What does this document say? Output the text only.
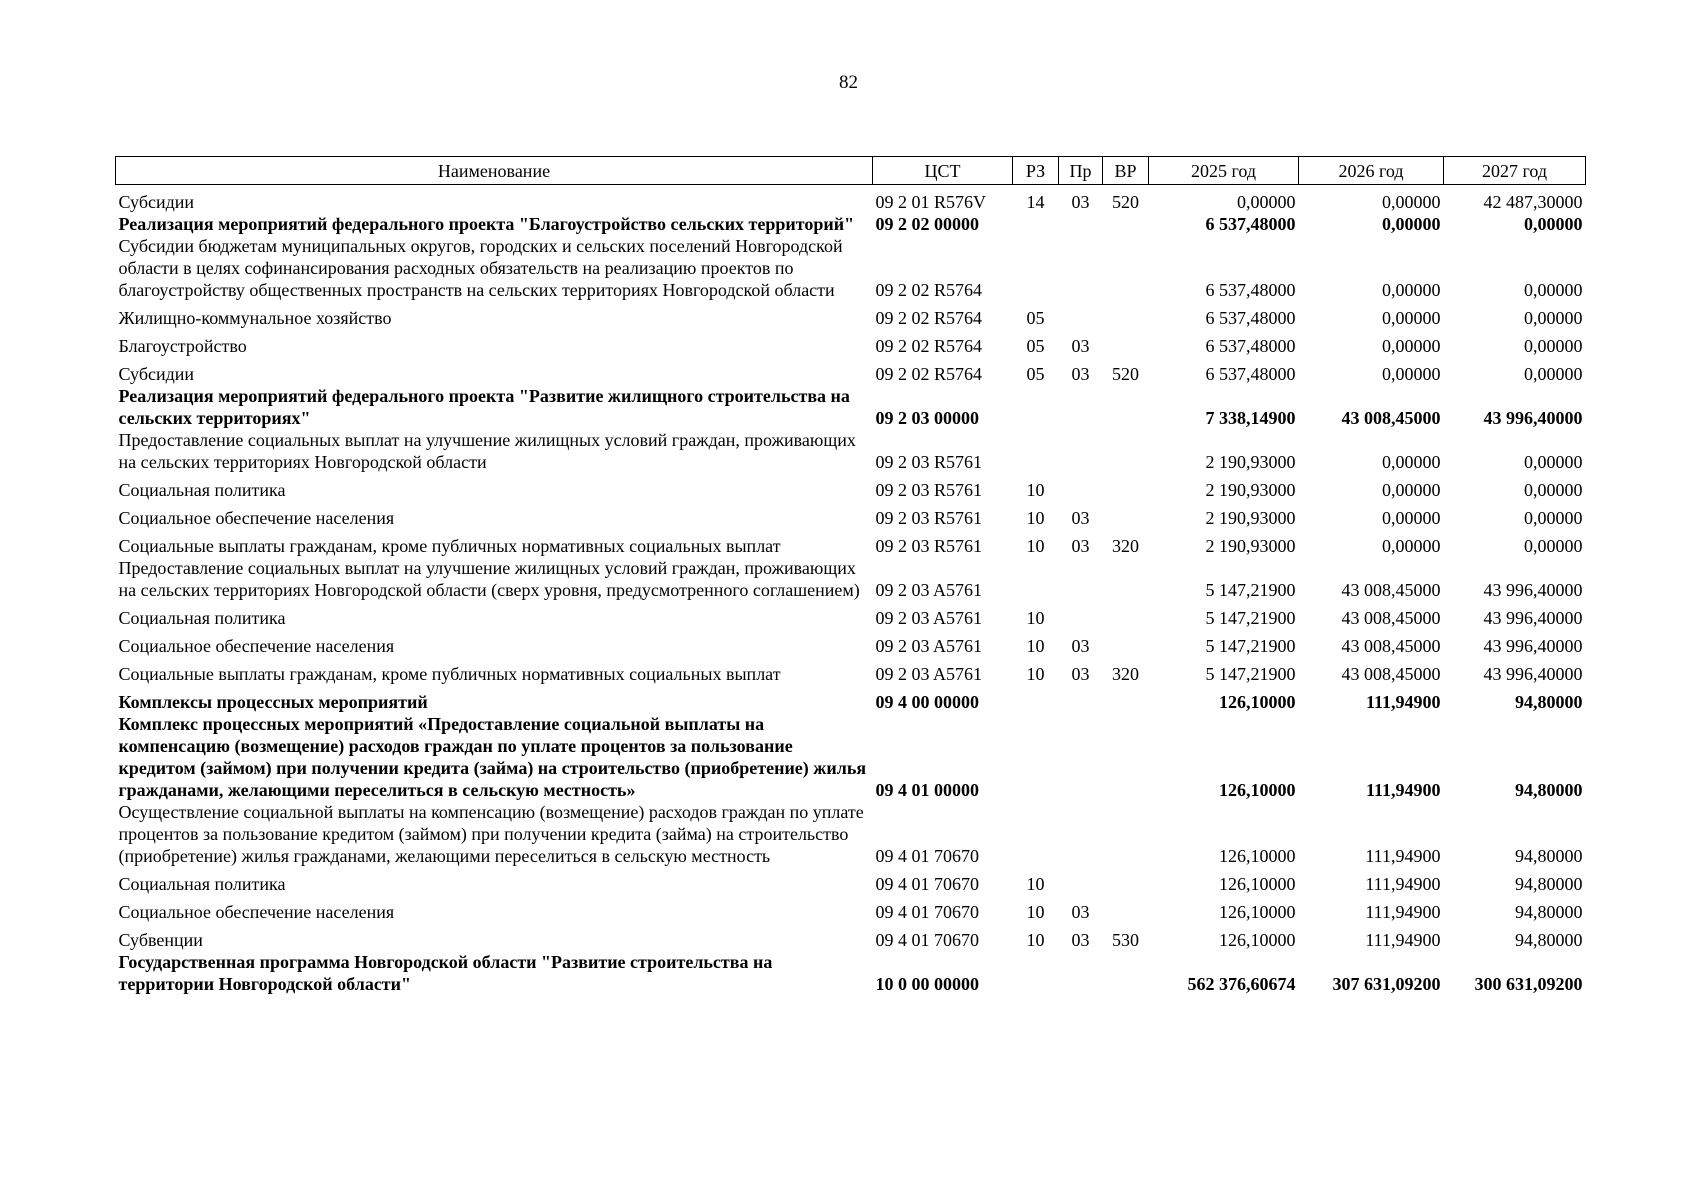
82
Наименование	ЦСТ	РЗ	Пр	ВР	2025 год	2026 год	2027 год
Субсидии	09 2 01 R576V	14	03	520	0,00000	0,00000	42 487,30000
Реализация мероприятий федерального проекта "Благоустройство сельских территорий"	09 2 02 00000				6 537,48000	0,00000	0,00000
Субсидии бюджетам муниципальных округов, городских и сельских поселений Новгородской области в целях софинансирования расходных обязательств на реализацию проектов по благоустройству общественных пространств на сельских территориях Новгородской области	09 2 02 R5764				6 537,48000	0,00000	0,00000
Жилищно-коммунальное хозяйство	09 2 02 R5764	05			6 537,48000	0,00000	0,00000
Благоустройство	09 2 02 R5764	05	03		6 537,48000	0,00000	0,00000
Субсидии	09 2 02 R5764	05	03	520	6 537,48000	0,00000	0,00000
Реализация мероприятий федерального проекта "Развитие жилищного строительства на сельских территориях"	09 2 03 00000				7 338,14900	43 008,45000	43 996,40000
Предоставление социальных выплат на улучшение жилищных условий граждан, проживающих на сельских территориях Новгородской области	09 2 03 R5761				2 190,93000	0,00000	0,00000
Социальная политика	09 2 03 R5761	10			2 190,93000	0,00000	0,00000
Социальное обеспечение населения	09 2 03 R5761	10	03		2 190,93000	0,00000	0,00000
Социальные выплаты гражданам, кроме публичных нормативных социальных выплат	09 2 03 R5761	10	03	320	2 190,93000	0,00000	0,00000
Предоставление социальных выплат на улучшение жилищных условий граждан, проживающих на сельских территориях Новгородской области (сверх уровня, предусмотренного соглашением)	09 2 03 A5761				5 147,21900	43 008,45000	43 996,40000
Социальная политика	09 2 03 A5761	10			5 147,21900	43 008,45000	43 996,40000
Социальное обеспечение населения	09 2 03 A5761	10	03		5 147,21900	43 008,45000	43 996,40000
Социальные выплаты гражданам, кроме публичных нормативных социальных выплат	09 2 03 A5761	10	03	320	5 147,21900	43 008,45000	43 996,40000
Комплексы процессных мероприятий	09 4 00 00000				126,10000	111,94900	94,80000
Комплекс процессных мероприятий «Предоставление социальной выплаты на компенсацию (возмещение) расходов граждан по уплате процентов за пользование кредитом (займом) при получении кредита (займа) на строительство (приобретение) жилья гражданами, желающими переселиться в сельскую местность»	09 4 01 00000				126,10000	111,94900	94,80000
Осуществление социальной выплаты на компенсацию (возмещение) расходов граждан по уплате процентов за пользование кредитом (займом) при получении кредита (займа) на строительство (приобретение) жилья гражданами, желающими переселиться в сельскую местность	09 4 01 70670				126,10000	111,94900	94,80000
Социальная политика	09 4 01 70670	10			126,10000	111,94900	94,80000
Социальное обеспечение населения	09 4 01 70670	10	03		126,10000	111,94900	94,80000
Субвенции	09 4 01 70670	10	03	530	126,10000	111,94900	94,80000
Государственная программа Новгородской области "Развитие строительства на территории Новгородской области"	10 0 00 00000				562 376,60674	307 631,09200	300 631,09200
